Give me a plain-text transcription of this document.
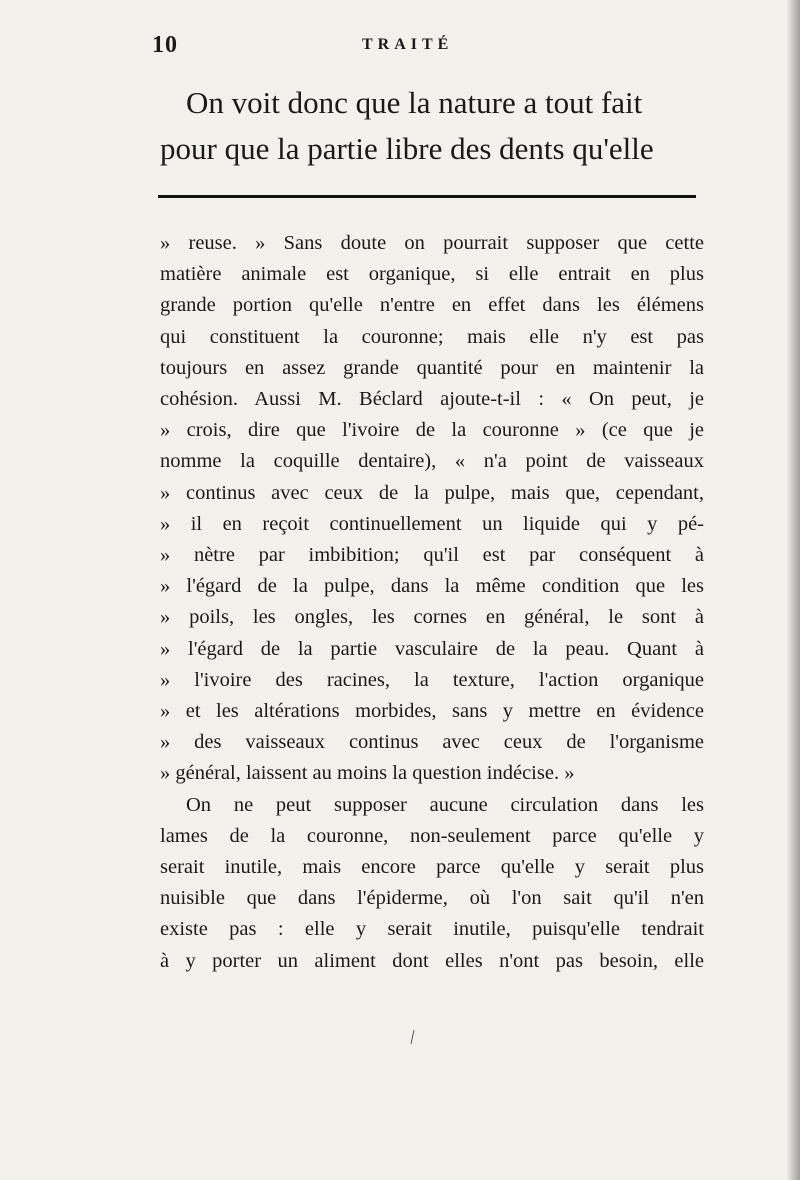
10	TRAITÉ
On voit donc que la nature a tout fait
pour que la partie libre des dents qu'elle
» reuse. » Sans doute on pourrait supposer que cette
matière animale est organique, si elle entrait en plus
grande portion qu'elle n'entre en effet dans les élémens
qui constituent la couronne; mais elle n'y est pas
toujours en assez grande quantité pour en maintenir la
cohésion. Aussi M. Béclard ajoute-t-il : « On peut, je
» crois, dire que l'ivoire de la couronne » (ce que je
nomme la coquille dentaire), « n'a point de vaisseaux
» continus avec ceux de la pulpe, mais que, cependant,
» il en reçoit continuellement un liquide qui y pé-
» nètre par imbibition; qu'il est par conséquent à
» l'égard de la pulpe, dans la même condition que les
» poils, les ongles, les cornes en général, le sont à
» l'égard de la partie vasculaire de la peau. Quant à
» l'ivoire des racines, la texture, l'action organique
» et les altérations morbides, sans y mettre en évidence
» des vaisseaux continus avec ceux de l'organisme
» général, laissent au moins la question indécise. »
On ne peut supposer aucune circulation dans les
lames de la couronne, non-seulement parce qu'elle y
serait inutile, mais encore parce qu'elle y serait plus
nuisible que dans l'épiderme, où l'on sait qu'il n'en
existe pas : elle y serait inutile, puisqu'elle tendrait
à y porter un aliment dont elles n'ont pas besoin, elle
